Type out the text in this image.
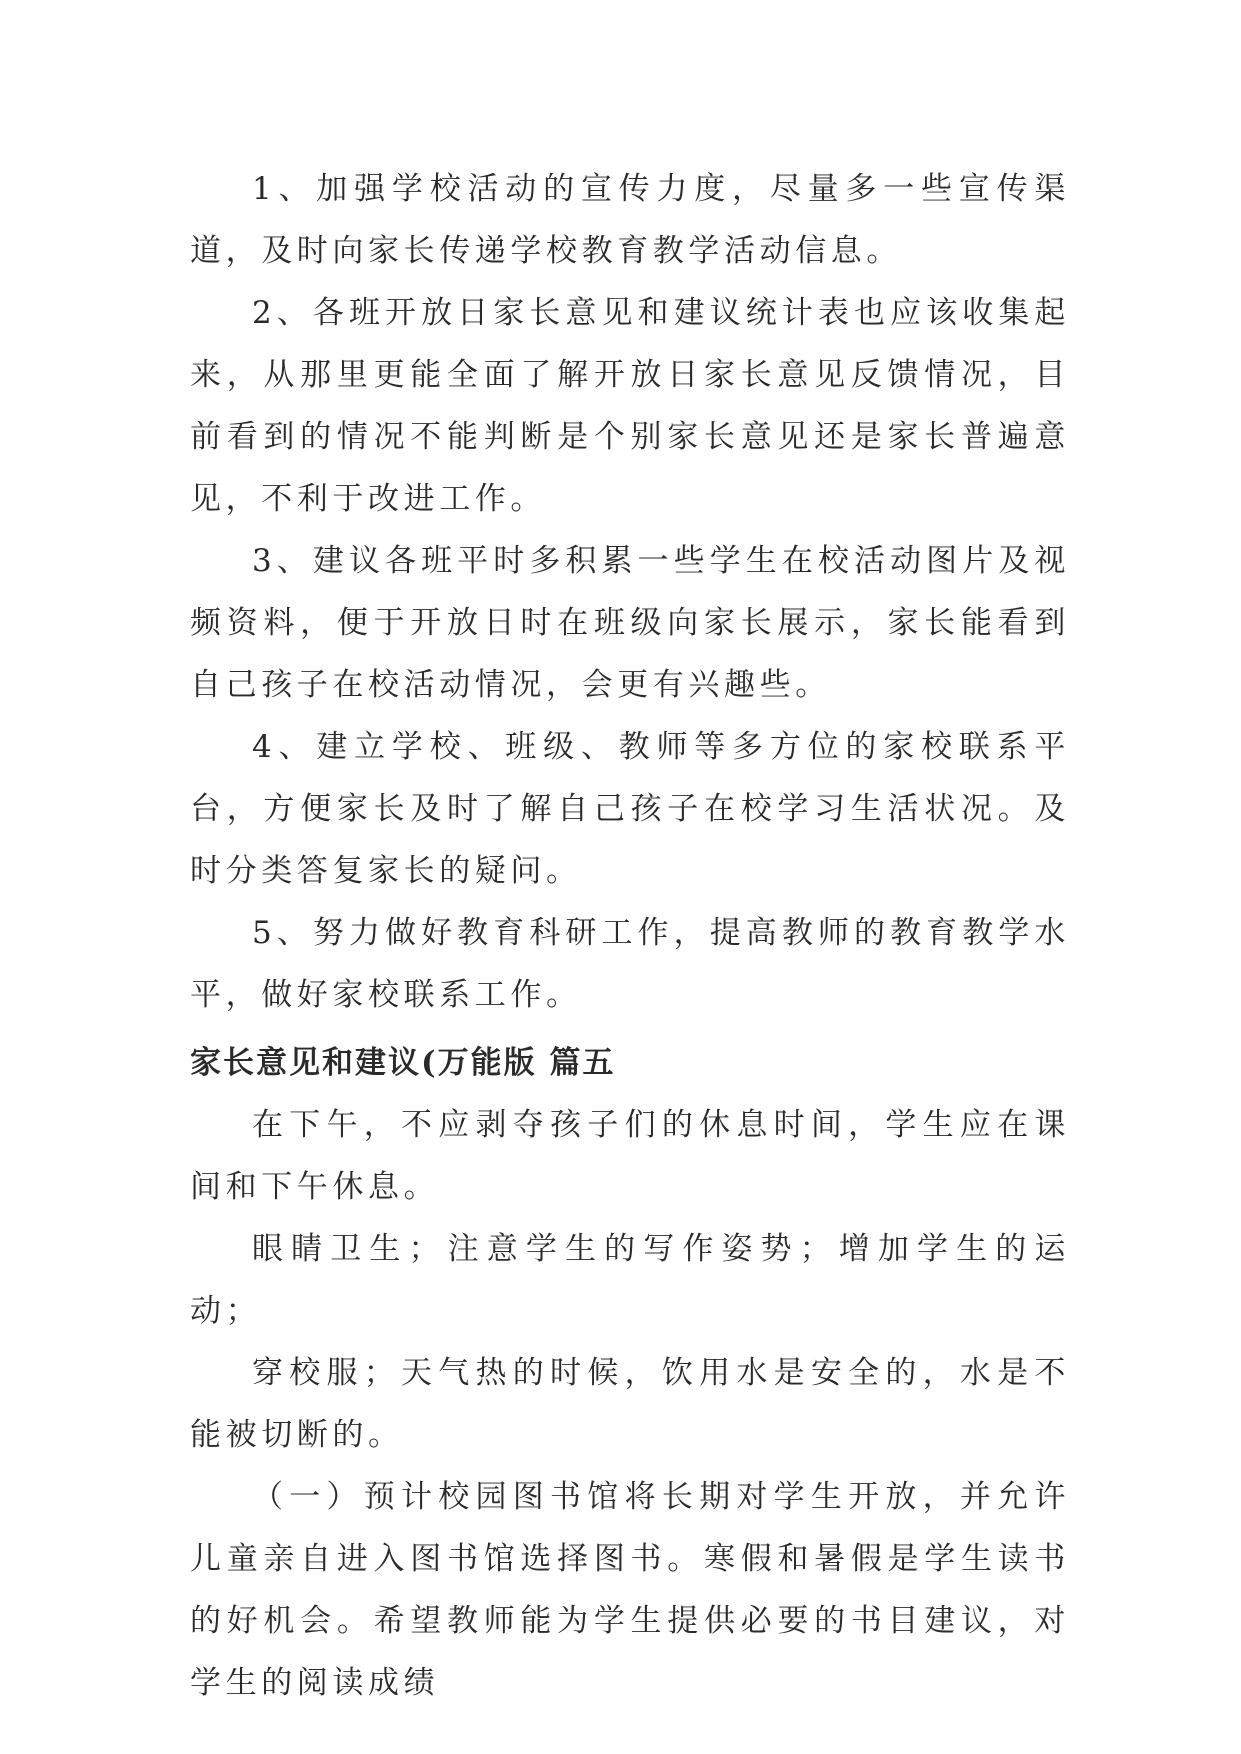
1、加强学校活动的宣传力度，尽量多一些宣传渠道，及时向家长传递学校教育教学活动信息。

2、各班开放日家长意见和建议统计表也应该收集起来，从那里更能全面了解开放日家长意见反馈情况，目前看到的情况不能判断是个别家长意见还是家长普遍意见，不利于改进工作。

3、建议各班平时多积累一些学生在校活动图片及视频资料，便于开放日时在班级向家长展示，家长能看到自己孩子在校活动情况，会更有兴趣些。

4、建立学校、班级、教师等多方位的家校联系平台，方便家长及时了解自己孩子在校学习生活状况。及时分类答复家长的疑问。

5、努力做好教育科研工作，提高教师的教育教学水平，做好家校联系工作。

家长意见和建议(万能版 篇五

在下午，不应剥夺孩子们的休息时间，学生应在课间和下午休息。

眼睛卫生；注意学生的写作姿势；增加学生的运动；

穿校服；天气热的时候，饮用水是安全的，水是不能被切断的。

（一）预计校园图书馆将长期对学生开放，并允许儿童亲自进入图书馆选择图书。寒假和暑假是学生读书的好机会。希望教师能为学生提供必要的书目建议，对学生的阅读成绩
